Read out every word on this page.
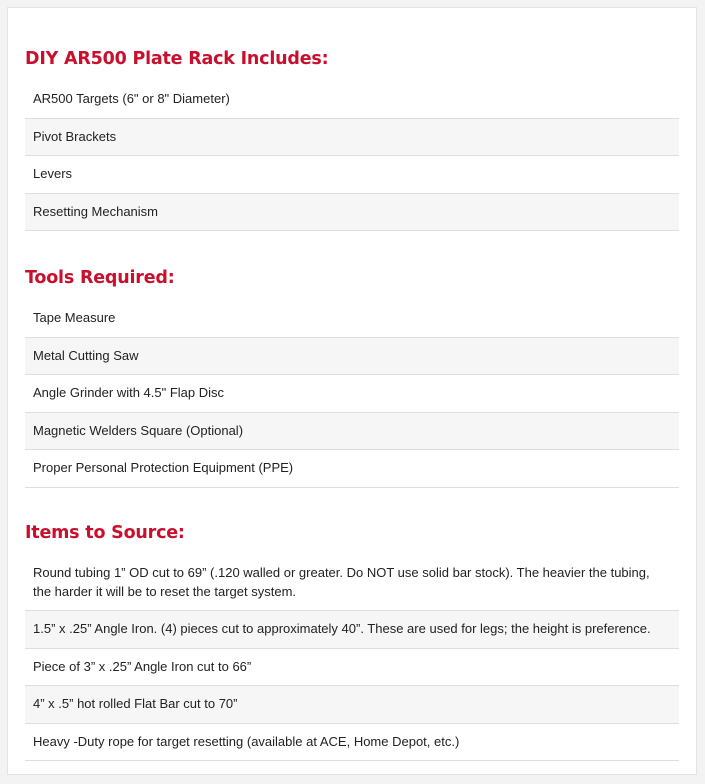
DIY AR500 Plate Rack Includes:
AR500 Targets (6" or 8" Diameter)
Pivot Brackets
Levers
Resetting Mechanism
Tools Required:
Tape Measure
Metal Cutting Saw
Angle Grinder with 4.5" Flap Disc
Magnetic Welders Square (Optional)
Proper Personal Protection Equipment (PPE)
Items to Source:
Round tubing 1” OD cut to 69” (.120 walled or greater. Do NOT use solid bar stock). The heavier the tubing, the harder it will be to reset the target system.
1.5” x .25” Angle Iron. (4) pieces cut to approximately 40”. These are used for legs; the height is preference.
Piece of 3” x .25” Angle Iron cut to 66”
4” x .5” hot rolled Flat Bar cut to 70”
Heavy -Duty rope for target resetting (available at ACE, Home Depot, etc.)
